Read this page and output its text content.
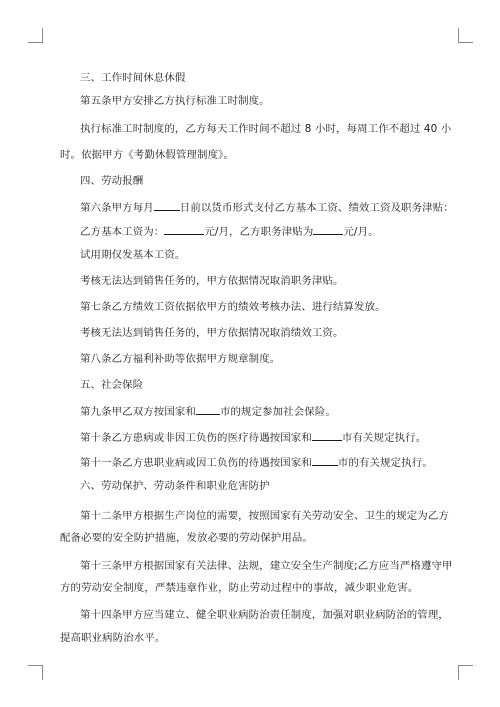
三、工作时间休息休假
第五条甲方安排乙方执行标准工时制度。
执行标准工时制度的，乙方每天工作时间不超过 8 小时，每周工作不超过 40 小
时。依据甲方《考勤休假管理制度》。
四、劳动报酬
第六条甲方每月	日前以货币形式支付乙方基本工资、绩效工资及职务津贴：
乙方基本工资为：	元/月，乙方职务津贴为	元/月。
试用期仅发基本工资。
考核无法达到销售任务的，甲方依据情况取消职务津贴。
第七条乙方绩效工资依据依甲方的绩效考核办法、进行结算发放。
考核无法达到销售任务的，甲方依据情况取消绩效工资。
第八条乙方福利补助等依据甲方规章制度。
五、社会保险
第九条甲乙双方按国家和 市的规定参加社会保险。
第十条乙方患病或非因工负伤的医疗待遇按国家和	市有关规定执行。
第十一条乙方患职业病或因工负伤的待遇按国家和	市的有关规定执行。
六、劳动保护、劳动条件和职业危害防护
第十二条甲方根据生产岗位的需要，按照国家有关劳动安全、卫生的规定为乙方
配备必要的安全防护措施，发放必要的劳动保护用品。
第十三条甲方根据国家有关法律、法规，建立安全生产制度;乙方应当严格遵守甲
方的劳动安全制度，严禁违章作业，防止劳动过程中的事故，减少职业危害。
第十四条甲方应当建立、健全职业病防治责任制度，加强对职业病防治的管理，
提高职业病防治水平。
